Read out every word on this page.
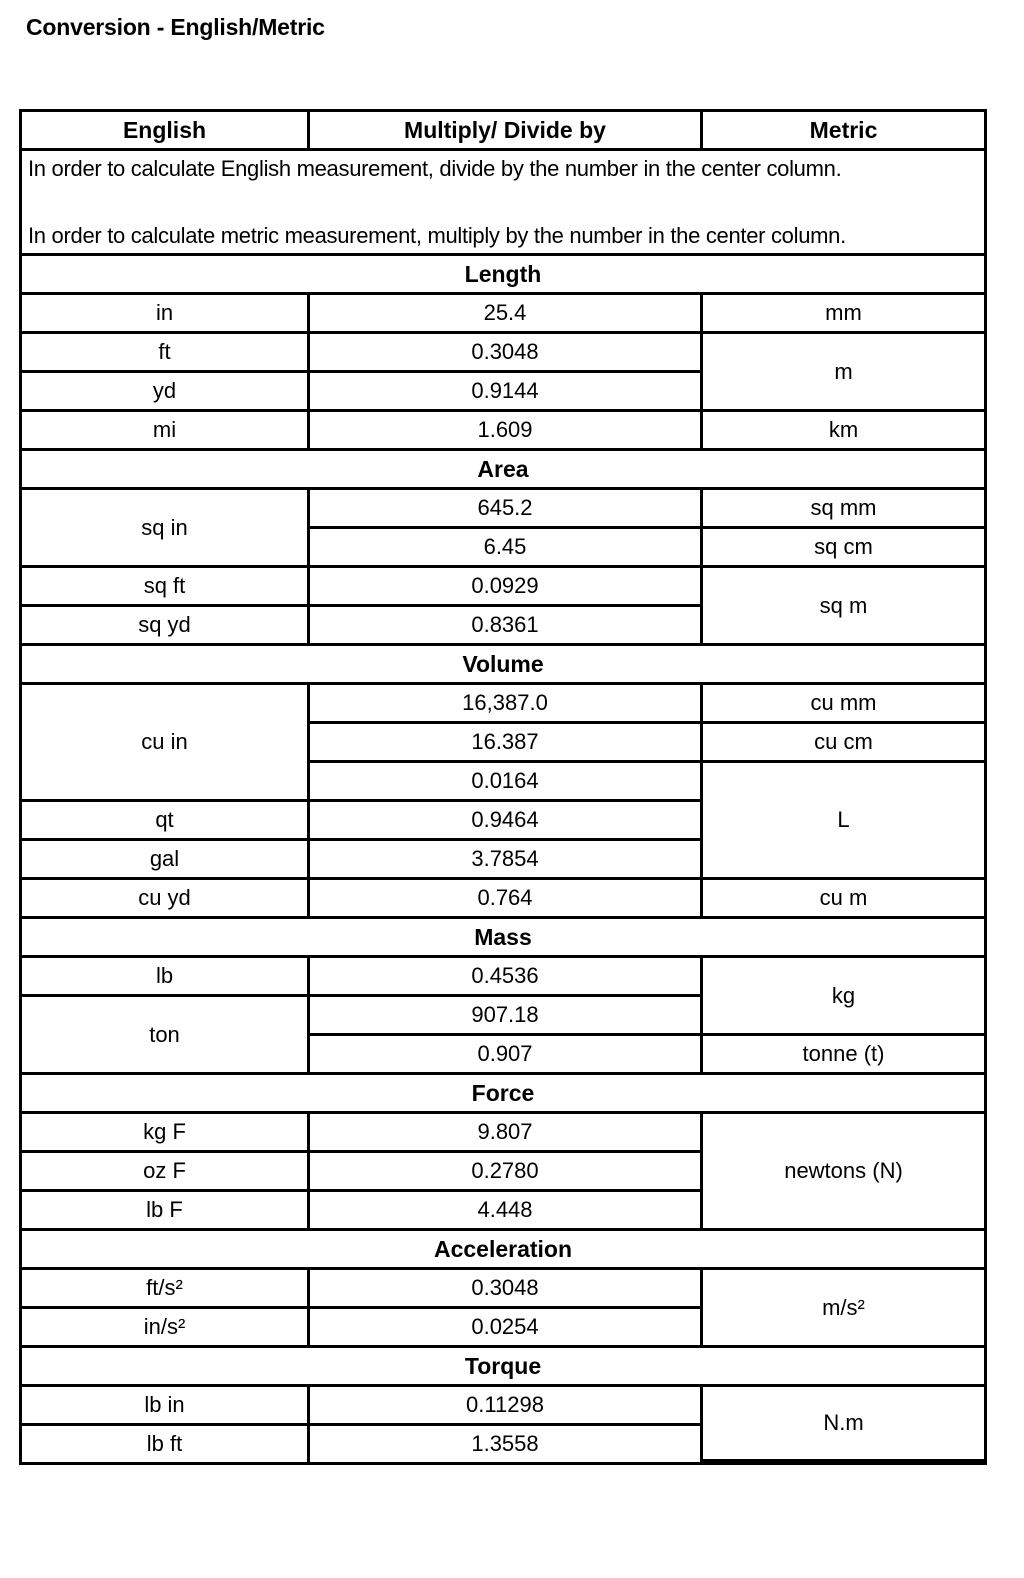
Conversion - English/Metric
English	Multiply/ Divide by	Metric

In order to calculate English measurement, divide by the number in the center column.
In order to calculate metric measurement, multiply by the number in the center column.		

Length		
in	25.4	mm
ft	0.3048	m
yd	0.9144	
mi	1.609	km
Area		
sq in	645.2	sq mm
	6.45	sq cm
sq ft	0.0929	sq m
sq yd	0.8361	
Volume		
cu in	16,387.0	cu mm
	16.387	cu cm
	0.0164	L
qt	0.9464	
gal	3.7854	
cu yd	0.764	cu m
Mass		
lb	0.4536	kg
ton	907.18	
	0.907	tonne (t)
Force		
kg F	9.807	newtons (N)
oz F	0.2780	
lb F	4.448	
Acceleration		
ft/s²	0.3048	m/s²
in/s²	0.0254	
Torque		
lb in	0.11298	N.m
lb ft	1.3558	
